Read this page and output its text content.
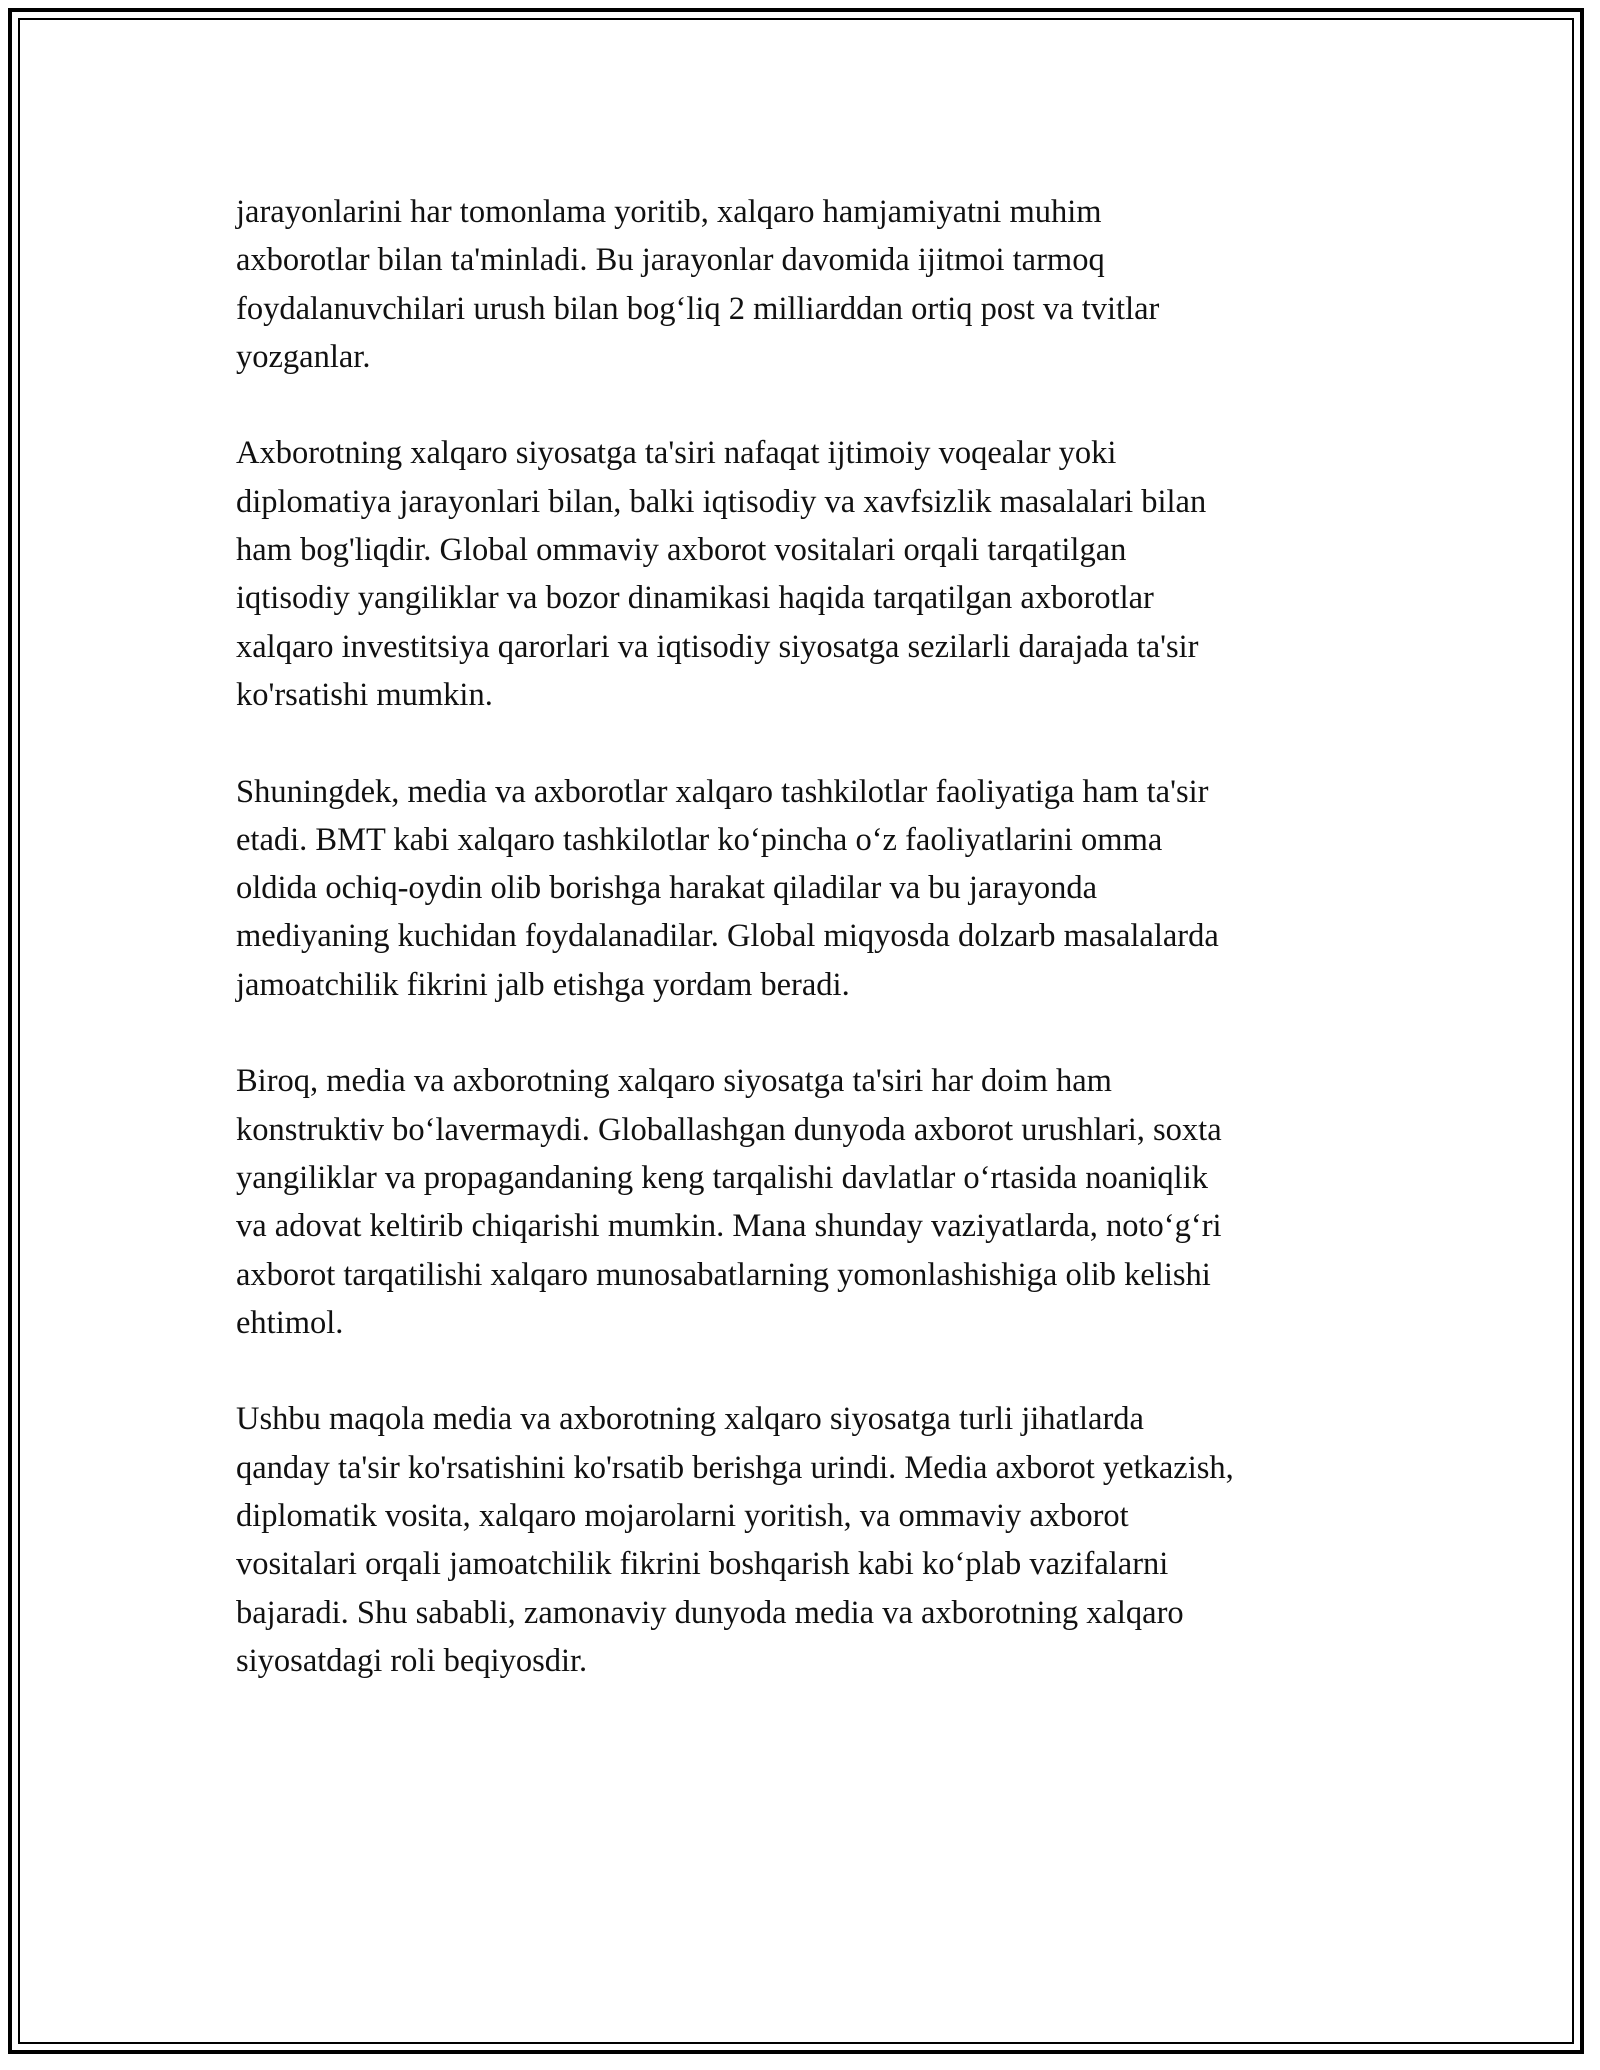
jarayonlarini har tomonlama yoritib, xalqaro hamjamiyatni muhim
axborotlar bilan ta'minladi. Bu jarayonlar davomida ijitmoi tarmoq
foydalanuvchilari urush bilan bog‘liq 2 milliarddan ortiq post va tvitlar
yozganlar.

Axborotning xalqaro siyosatga ta'siri nafaqat ijtimoiy voqealar yoki
diplomatiya jarayonlari bilan, balki iqtisodiy va xavfsizlik masalalari bilan
ham bog'liqdir. Global ommaviy axborot vositalari orqali tarqatilgan
iqtisodiy yangiliklar va bozor dinamikasi haqida tarqatilgan axborotlar
xalqaro investitsiya qarorlari va iqtisodiy siyosatga sezilarli darajada ta'sir
ko'rsatishi mumkin.

Shuningdek, media va axborotlar xalqaro tashkilotlar faoliyatiga ham ta'sir
etadi. BMT kabi xalqaro tashkilotlar ko‘pincha o‘z faoliyatlarini omma
oldida ochiq-oydin olib borishga harakat qiladilar va bu jarayonda
mediyaning kuchidan foydalanadilar. Global miqyosda dolzarb masalalarda
jamoatchilik fikrini jalb etishga yordam beradi.

Biroq, media va axborotning xalqaro siyosatga ta'siri har doim ham
konstruktiv bo‘lavermaydi. Globallashgan dunyoda axborot urushlari, soxta
yangiliklar va propagandaning keng tarqalishi davlatlar o‘rtasida noaniqlik
va adovat keltirib chiqarishi mumkin. Mana shunday vaziyatlarda, noto‘g‘ri
axborot tarqatilishi xalqaro munosabatlarning yomonlashishiga olib kelishi
ehtimol.

Ushbu maqola media va axborotning xalqaro siyosatga turli jihatlarda
qanday ta'sir ko'rsatishini ko'rsatib berishga urindi. Media axborot yetkazish,
diplomatik vosita, xalqaro mojarolarni yoritish, va ommaviy axborot
vositalari orqali jamoatchilik fikrini boshqarish kabi ko‘plab vazifalarni
bajaradi. Shu sababli, zamonaviy dunyoda media va axborotning xalqaro
siyosatdagi roli beqiyosdir.
